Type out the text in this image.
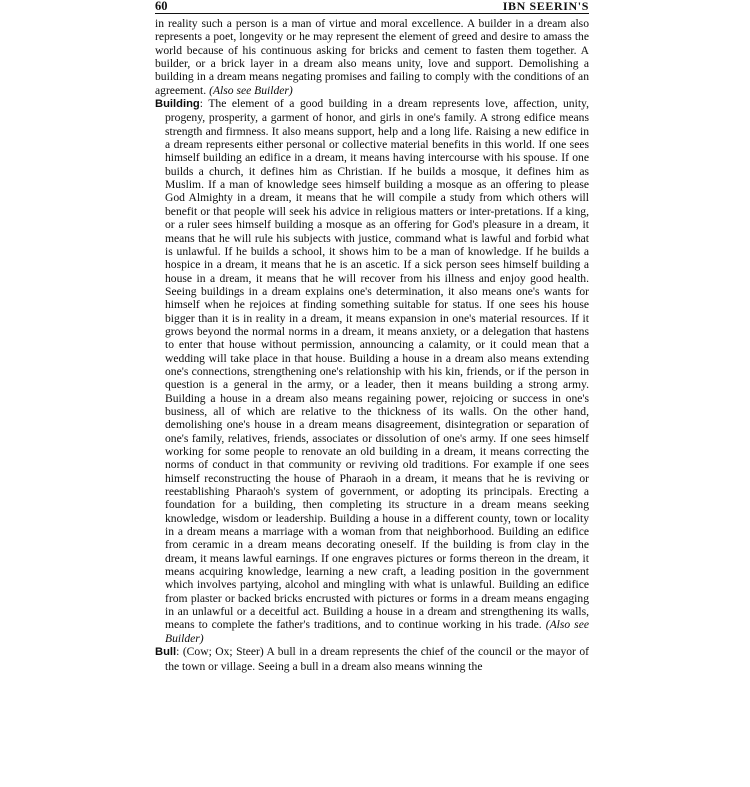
60	IBN SEERIN'S

in reality such a person is a man of virtue and moral excellence. A builder in a dream also represents a poet, longevity or he may represent the element of greed and desire to amass the world because of his continuous asking for bricks and cement to fasten them together. A builder, or a brick layer in a dream also means unity, love and support. Demolishing a building in a dream means negating promises and failing to comply with the conditions of an agreement. (Also see Builder)

Building: The element of a good building in a dream represents love, affection, unity, progeny, prosperity, a garment of honor, and girls in one's family. A strong edifice means strength and firmness. It also means support, help and a long life. Raising a new edifice in a dream represents either personal or collective material benefits in this world. If one sees himself building an edifice in a dream, it means having intercourse with his spouse. If one builds a church, it defines him as Christian. If he builds a mosque, it defines him as Muslim. If a man of knowledge sees himself building a mosque as an offering to please God Almighty in a dream, it means that he will compile a study from which others will benefit or that people will seek his advice in religious matters or inter-pretations. If a king, or a ruler sees himself building a mosque as an offering for God's pleasure in a dream, it means that he will rule his subjects with justice, command what is lawful and forbid what is unlawful. If he builds a school, it shows him to be a man of knowledge. If he builds a hospice in a dream, it means that he is an ascetic. If a sick person sees himself building a house in a dream, it means that he will recover from his illness and enjoy good health. Seeing buildings in a dream explains one's determination, it also means one's wants for himself when he rejoices at finding something suitable for status. If one sees his house bigger than it is in reality in a dream, it means expansion in one's material resources. If it grows beyond the normal norms in a dream, it means anxiety, or a delegation that hastens to enter that house without permission, announcing a calamity, or it could mean that a wedding will take place in that house. Building a house in a dream also means extending one's connections, strengthening one's relationship with his kin, friends, or if the person in question is a general in the army, or a leader, then it means building a strong army. Building a house in a dream also means regaining power, rejoicing or success in one's business, all of which are relative to the thickness of its walls. On the other hand, demolishing one's house in a dream means disagreement, disintegration or separation of one's family, relatives, friends, associates or dissolution of one's army. If one sees himself working for some people to renovate an old building in a dream, it means correcting the norms of conduct in that community or reviving old traditions. For example if one sees himself reconstructing the house of Pharaoh in a dream, it means that he is reviving or reestablishing Pharaoh's system of government, or adopting its principals. Erecting a foundation for a building, then completing its structure in a dream means seeking knowledge, wisdom or leadership. Building a house in a different county, town or locality in a dream means a marriage with a woman from that neighborhood. Building an edifice from ceramic in a dream means decorating oneself. If the building is from clay in the dream, it means lawful earnings. If one engraves pictures or forms thereon in the dream, it means acquiring knowledge, learning a new craft, a leading position in the government which involves partying, alcohol and mingling with what is unlawful. Building an edifice from plaster or backed bricks encrusted with pictures or forms in a dream means engaging in an unlawful or a deceitful act. Building a house in a dream and strengthening its walls, means to complete the father's traditions, and to continue working in his trade. (Also see Builder)

Bull: (Cow; Ox; Steer) A bull in a dream represents the chief of the council or the mayor of the town or village. Seeing a bull in a dream also means winning the
